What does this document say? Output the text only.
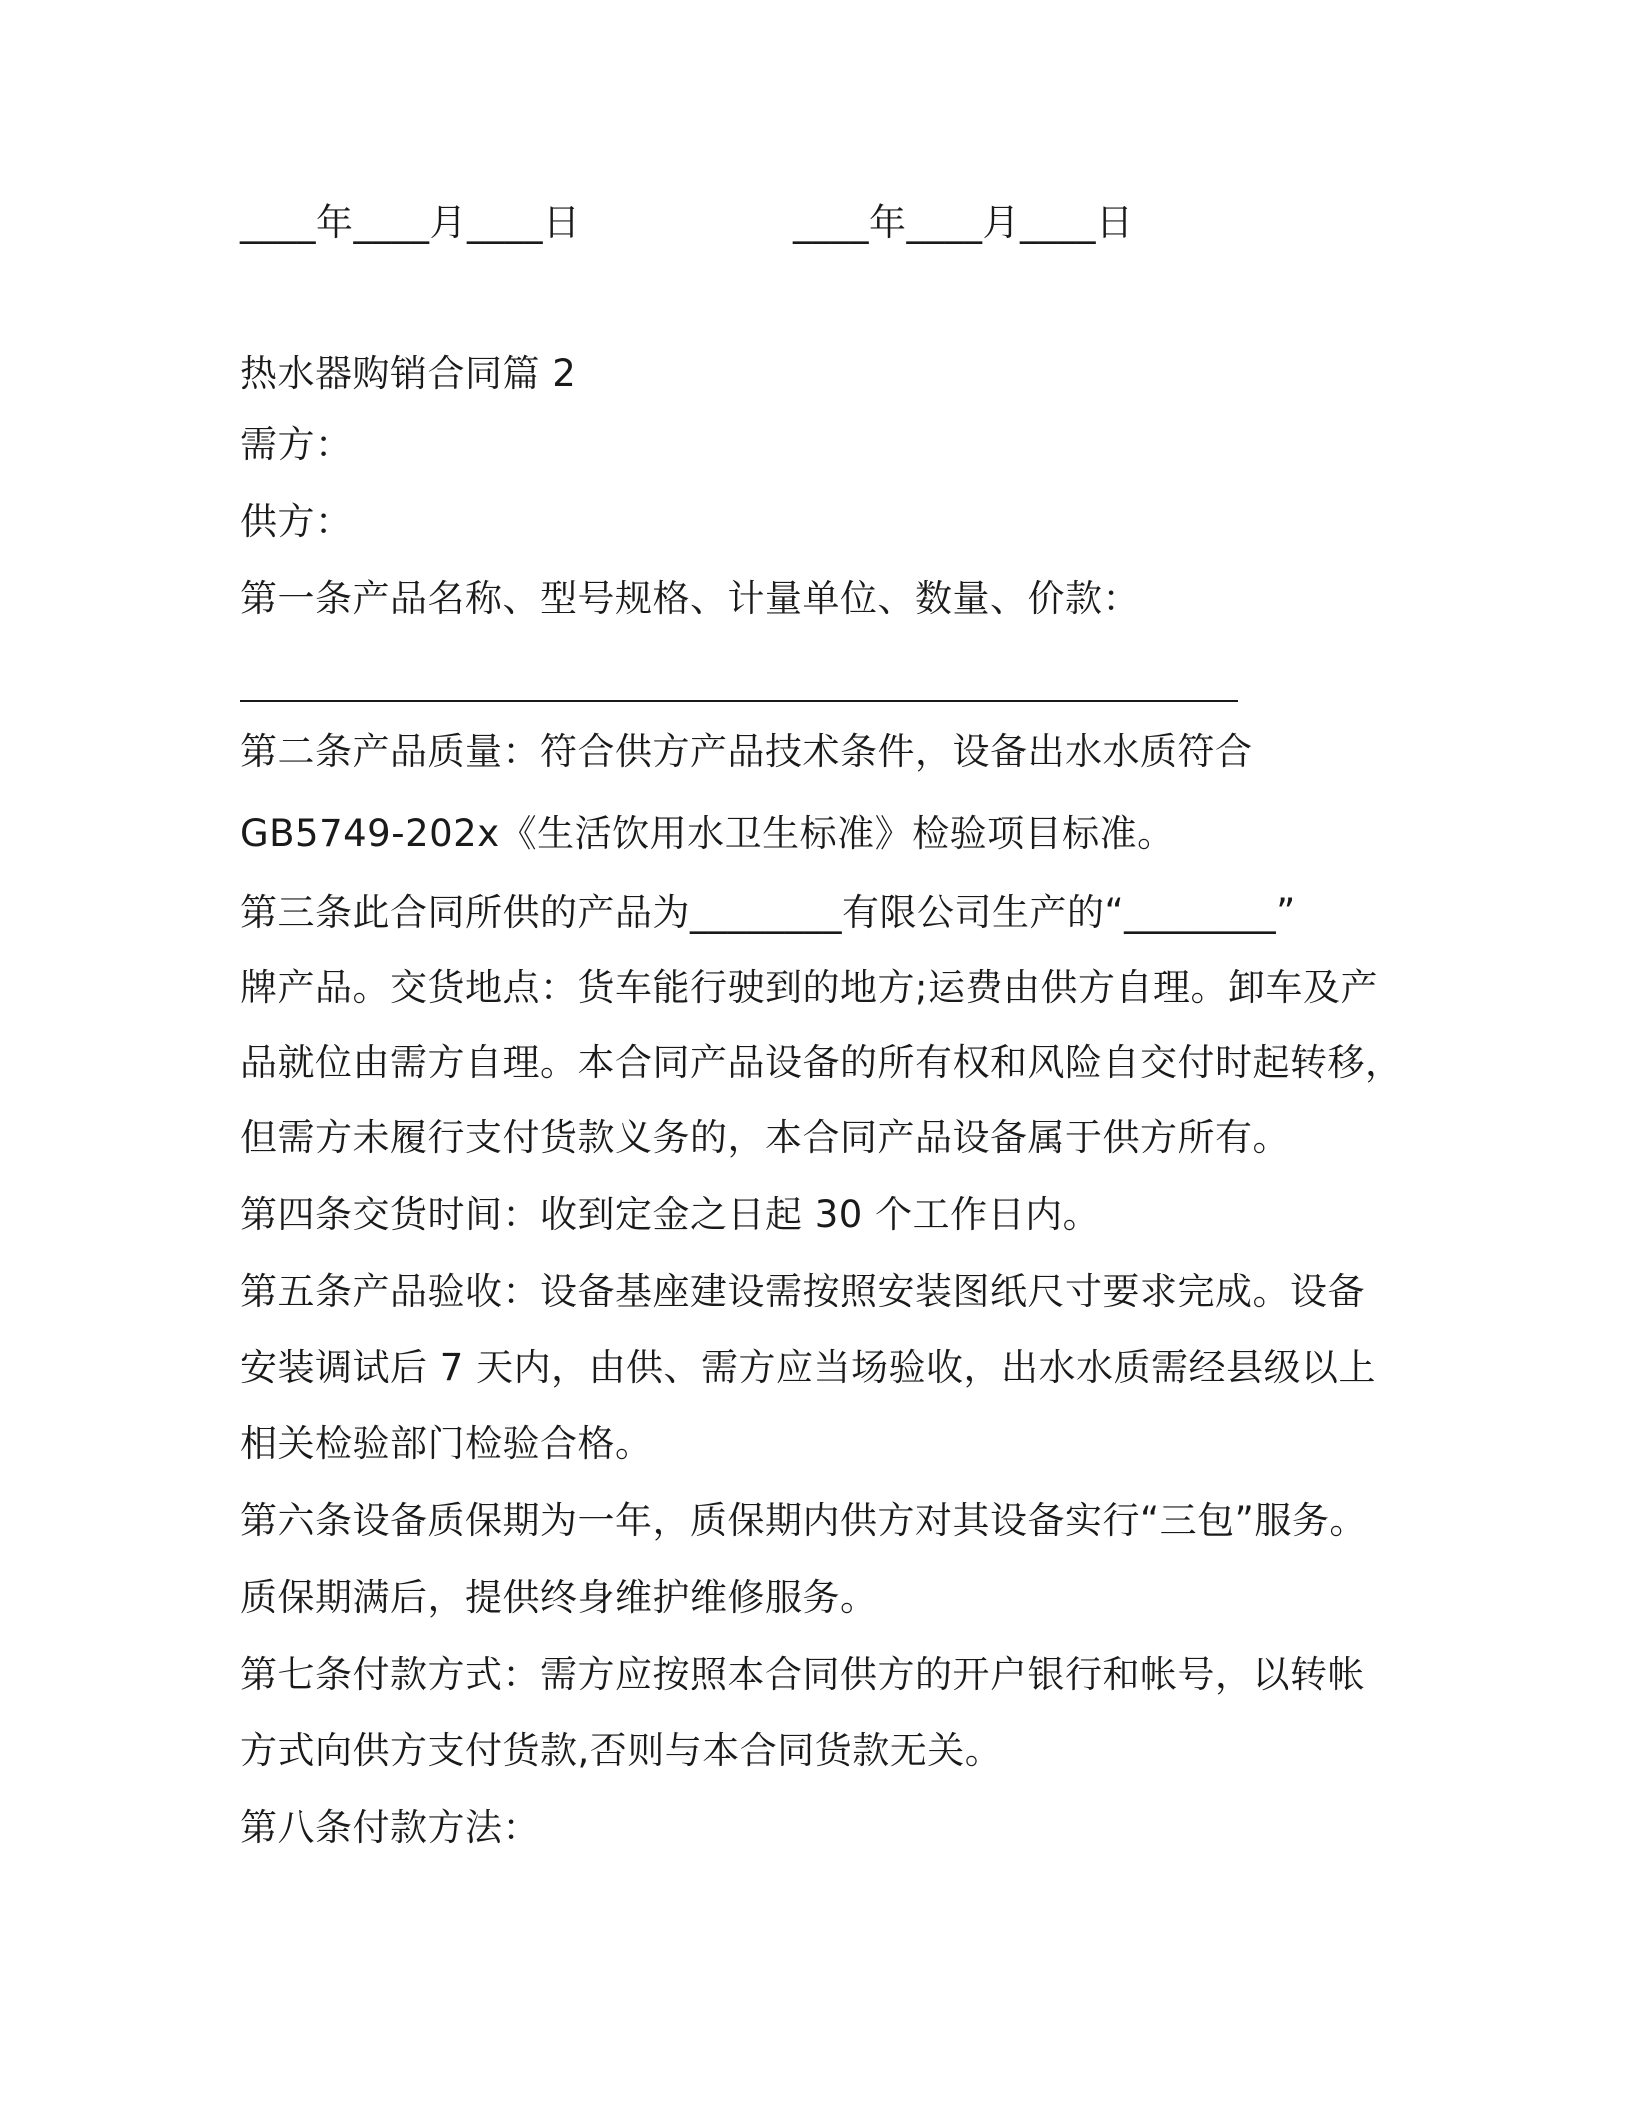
____年____月____日	____年____月____日
热水器购销合同篇 2
需方：
供方：
第一条产品名称、型号规格、计量单位、数量、价款：
第二条产品质量：符合供方产品技术条件，设备出水水质符合
GB5749-202x《生活饮用水卫生标准》检验项目标准。
第三条此合同所供的产品为________有限公司生产的“________”
牌产品。交货地点：货车能行驶到的地方;运费由供方自理。卸车及产
品就位由需方自理。本合同产品设备的所有权和风险自交付时起转移，
但需方未履行支付货款义务的，本合同产品设备属于供方所有。
第四条交货时间：收到定金之日起 30 个工作日内。
第五条产品验收：设备基座建设需按照安装图纸尺寸要求完成。设备
安装调试后 7 天内，由供、需方应当场验收，出水水质需经县级以上
相关检验部门检验合格。
第六条设备质保期为一年，质保期内供方对其设备实行“三包”服务。
质保期满后，提供终身维护维修服务。
第七条付款方式：需方应按照本合同供方的开户银行和帐号，以转帐
方式向供方支付货款,否则与本合同货款无关。
第八条付款方法：
